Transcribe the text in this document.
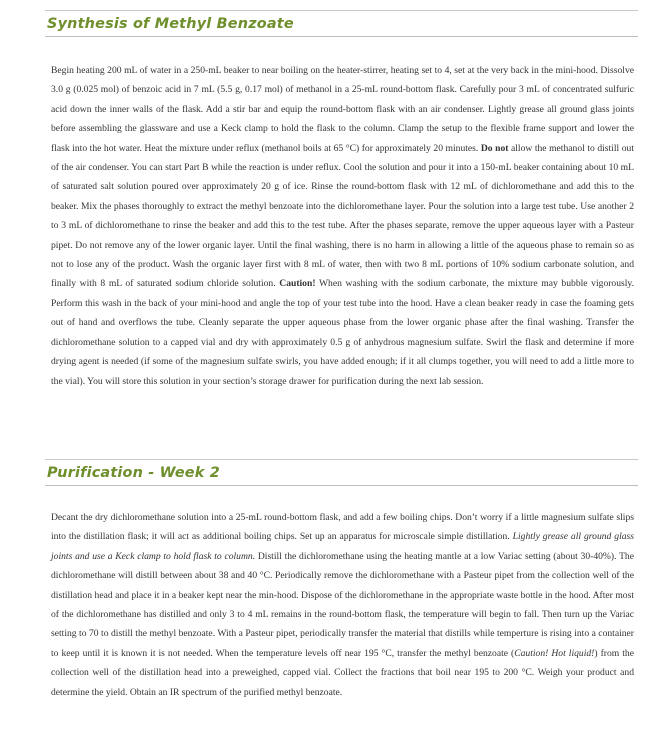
Synthesis of Methyl Benzoate

Begin heating 200 mL of water in a 250-mL beaker to near boiling on the heater-stirrer, heating set to 4, set at the very back in the mini-hood. Dissolve 3.0 g (0.025 mol) of benzoic acid in 7 mL (5.5 g, 0.17 mol) of methanol in a 25-mL round-bottom flask. Carefully pour 3 mL of concentrated sulfuric acid down the inner walls of the flask. Add a stir bar and equip the round-bottom flask with an air condenser. Lightly grease all ground glass joints before assembling the glassware and use a Keck clamp to hold the flask to the column. Clamp the setup to the flexible frame support and lower the flask into the hot water. Heat the mixture under reflux (methanol boils at 65 °C) for approximately 20 minutes. Do not allow the methanol to distill out of the air condenser. You can start Part B while the reaction is under reflux. Cool the solution and pour it into a 150-mL beaker containing about 10 mL of saturated salt solution poured over approximately 20 g of ice. Rinse the round-bottom flask with 12 mL of dichloromethane and add this to the beaker. Mix the phases thoroughly to extract the methyl benzoate into the dichloromethane layer. Pour the solution into a large test tube. Use another 2 to 3 mL of dichloromethane to rinse the beaker and add this to the test tube. After the phases separate, remove the upper aqueous layer with a Pasteur pipet. Do not remove any of the lower organic layer. Until the final washing, there is no harm in allowing a little of the aqueous phase to remain so as not to lose any of the product. Wash the organic layer first with 8 mL of water, then with two 8 mL portions of 10% sodium carbonate solution, and finally with 8 mL of saturated sodium chloride solution. Caution! When washing with the sodium carbonate, the mixture may bubble vigorously. Perform this wash in the back of your mini-hood and angle the top of your test tube into the hood. Have a clean beaker ready in case the foaming gets out of hand and overflows the tube. Cleanly separate the upper aqueous phase from the lower organic phase after the final washing. Transfer the dichloromethane solution to a capped vial and dry with approximately 0.5 g of anhydrous magnesium sulfate. Swirl the flask and determine if more drying agent is needed (if some of the magnesium sulfate swirls, you have added enough; if it all clumps together, you will need to add a little more to the vial). You will store this solution in your section’s storage drawer for purification during the next lab session.

Purification - Week 2

Decant the dry dichloromethane solution into a 25-mL round-bottom flask, and add a few boiling chips. Don’t worry if a little magnesium sulfate slips into the distillation flask; it will act as additional boiling chips. Set up an apparatus for microscale simple distillation. Lightly grease all ground glass joints and use a Keck clamp to hold flask to column. Distill the dichloromethane using the heating mantle at a low Variac setting (about 30-40%). The dichloromethane will distill between about 38 and 40 °C. Periodically remove the dichloromethane with a Pasteur pipet from the collection well of the distillation head and place it in a beaker kept near the min-hood. Dispose of the dichloromethane in the appropriate waste bottle in the hood. After most of the dichloromethane has distilled and only 3 to 4 mL remains in the round-bottom flask, the temperature will begin to fall. Then turn up the Variac setting to 70 to distill the methyl benzoate. With a Pasteur pipet, periodically transfer the material that distills while temperture is rising into a container to keep until it is known it is not needed. When the temperature levels off near 195 °C, transfer the methyl benzoate (Caution! Hot liquid!) from the collection well of the distillation head into a preweighed, capped vial. Collect the fractions that boil near 195 to 200 °C. Weigh your product and determine the yield. Obtain an IR spectrum of the purified methyl benzoate.
